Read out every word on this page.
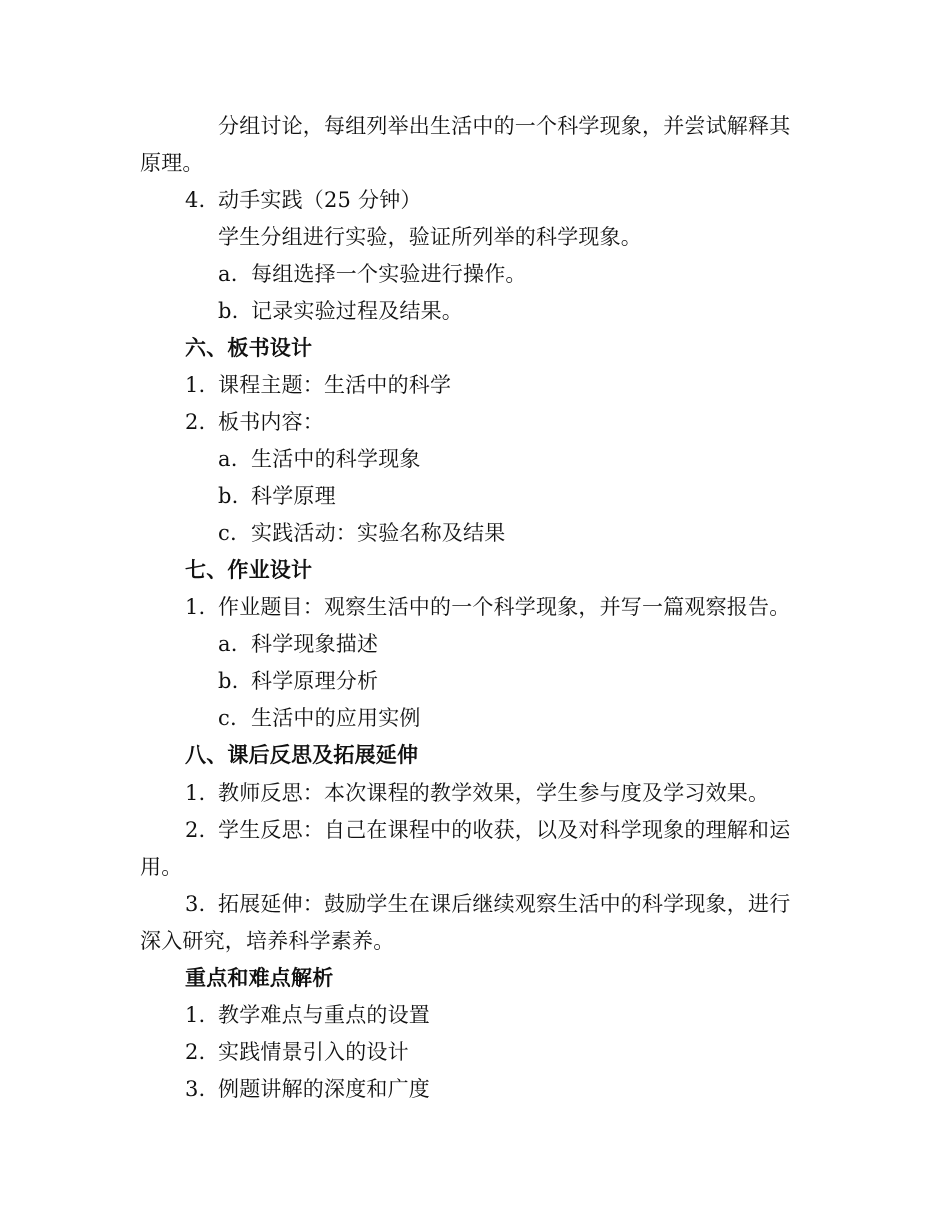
分组讨论，每组列举出生活中的一个科学现象，并尝试解释其
原理。
4. 动手实践（25 分钟）
学生分组进行实验，验证所列举的科学现象。
a. 每组选择一个实验进行操作。
b. 记录实验过程及结果。
六、板书设计
1. 课程主题：生活中的科学
2. 板书内容：
a. 生活中的科学现象
b. 科学原理
c. 实践活动：实验名称及结果
七、作业设计
1. 作业题目：观察生活中的一个科学现象，并写一篇观察报告。
a. 科学现象描述
b. 科学原理分析
c. 生活中的应用实例
八、课后反思及拓展延伸
1. 教师反思：本次课程的教学效果，学生参与度及学习效果。
2. 学生反思：自己在课程中的收获，以及对科学现象的理解和运
用。
3. 拓展延伸：鼓励学生在课后继续观察生活中的科学现象，进行
深入研究，培养科学素养。
重点和难点解析
1. 教学难点与重点的设置
2. 实践情景引入的设计
3. 例题讲解的深度和广度
